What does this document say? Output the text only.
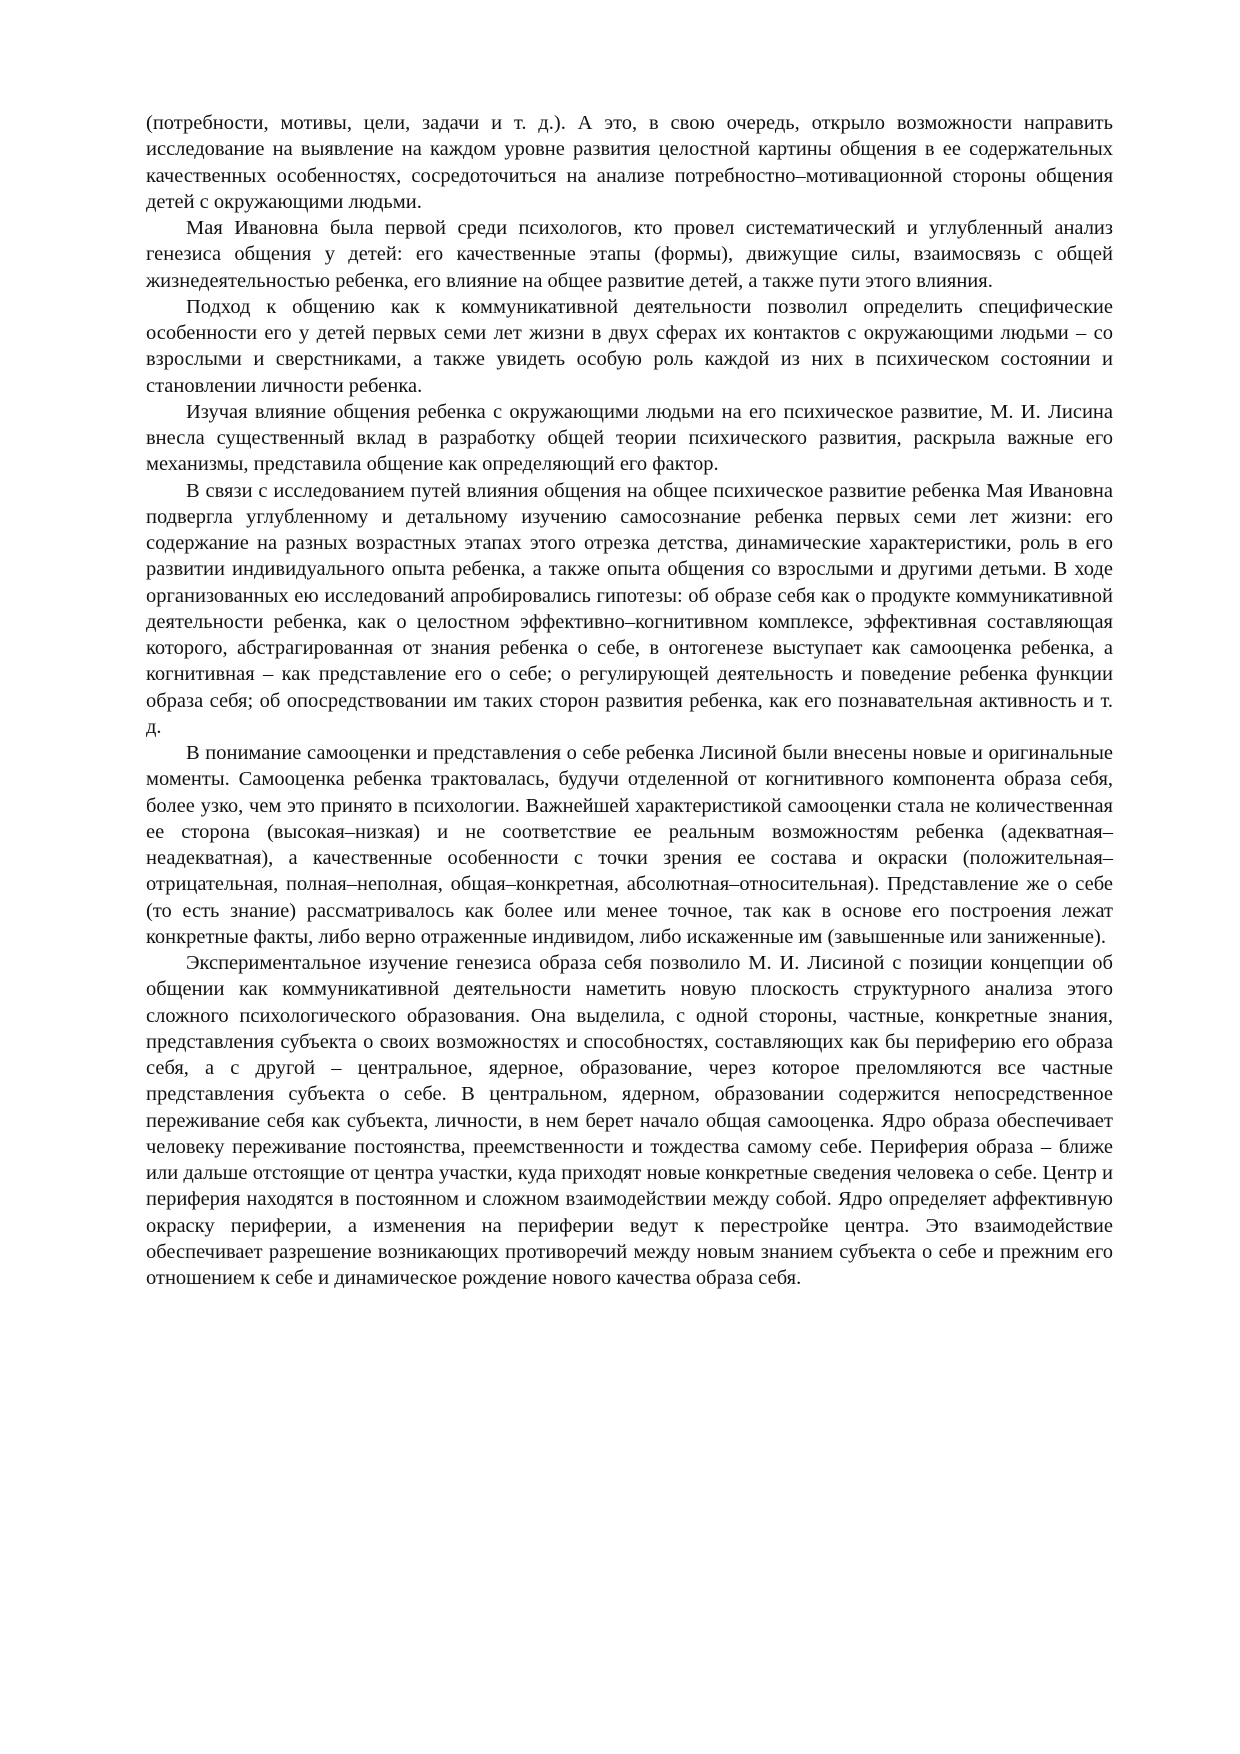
(потребности, мотивы, цели, задачи и т. д.). А это, в свою очередь, открыло возможности направить исследование на выявление на каждом уровне развития целостной картины общения в ее содержательных качественных особенностях, сосредоточиться на анализе потребностно–мотивационной стороны общения детей с окружающими людьми.

Мая Ивановна была первой среди психологов, кто провел систематический и углубленный анализ генезиса общения у детей: его качественные этапы (формы), движущие силы, взаимосвязь с общей жизнедеятельностью ребенка, его влияние на общее развитие детей, а также пути этого влияния.

Подход к общению как к коммуникативной деятельности позволил определить специфические особенности его у детей первых семи лет жизни в двух сферах их контактов с окружающими людьми – со взрослыми и сверстниками, а также увидеть особую роль каждой из них в психическом состоянии и становлении личности ребенка.

Изучая влияние общения ребенка с окружающими людьми на его психическое развитие, М. И. Лисина внесла существенный вклад в разработку общей теории психического развития, раскрыла важные его механизмы, представила общение как определяющий его фактор.

В связи с исследованием путей влияния общения на общее психическое развитие ребенка Мая Ивановна подвергла углубленному и детальному изучению самосознание ребенка первых семи лет жизни: его содержание на разных возрастных этапах этого отрезка детства, динамические характеристики, роль в его развитии индивидуального опыта ребенка, а также опыта общения со взрослыми и другими детьми. В ходе организованных ею исследований апробировались гипотезы: об образе себя как о продукте коммуникативной деятельности ребенка, как о целостном эффективно–когнитивном комплексе, эффективная составляющая которого, абстрагированная от знания ребенка о себе, в онтогенезе выступает как самооценка ребенка, а когнитивная – как представление его о себе; о регулирующей деятельность и поведение ребенка функции образа себя; об опосредствовании им таких сторон развития ребенка, как его познавательная активность и т. д.

В понимание самооценки и представления о себе ребенка Лисиной были внесены новые и оригинальные моменты. Самооценка ребенка трактовалась, будучи отделенной от когнитивного компонента образа себя, более узко, чем это принято в психологии. Важнейшей характеристикой самооценки стала не количественная ее сторона (высокая–низкая) и не соответствие ее реальным возможностям ребенка (адекватная–неадекватная), а качественные особенности с точки зрения ее состава и окраски (положительная–отрицательная, полная–неполная, общая–конкретная, абсолютная–относительная). Представление же о себе (то есть знание) рассматривалось как более или менее точное, так как в основе его построения лежат конкретные факты, либо верно отраженные индивидом, либо искаженные им (завышенные или заниженные).

Экспериментальное изучение генезиса образа себя позволило М. И. Лисиной с позиции концепции об общении как коммуникативной деятельности наметить новую плоскость структурного анализа этого сложного психологического образования. Она выделила, с одной стороны, частные, конкретные знания, представления субъекта о своих возможностях и способностях, составляющих как бы периферию его образа себя, а с другой – центральное, ядерное, образование, через которое преломляются все частные представления субъекта о себе. В центральном, ядерном, образовании содержится непосредственное переживание себя как субъекта, личности, в нем берет начало общая самооценка. Ядро образа обеспечивает человеку переживание постоянства, преемственности и тождества самому себе. Периферия образа – ближе или дальше отстоящие от центра участки, куда приходят новые конкретные сведения человека о себе. Центр и периферия находятся в постоянном и сложном взаимодействии между собой. Ядро определяет аффективную окраску периферии, а изменения на периферии ведут к перестройке центра. Это взаимодействие обеспечивает разрешение возникающих противоречий между новым знанием субъекта о себе и прежним его отношением к себе и динамическое рождение нового качества образа себя.
